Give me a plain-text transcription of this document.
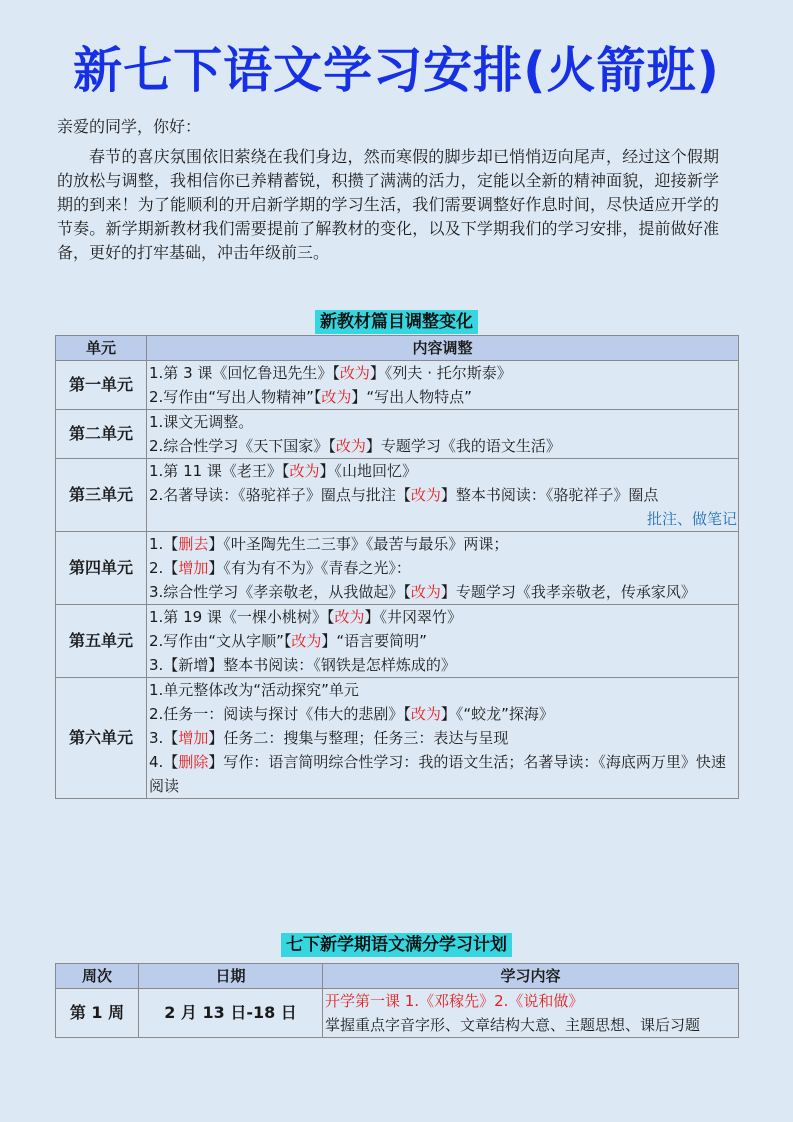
新七下语文学习安排(火箭班)
亲爱的同学，你好：
春节的喜庆氛围依旧萦绕在我们身边，然而寒假的脚步却已悄悄迈向尾声，经过这个假期的放松与调整，我相信你已养精蓄锐，积攒了满满的活力，定能以全新的精神面貌，迎接新学期的到来！为了能顺利的开启新学期的学习生活，我们需要调整好作息时间，尽快适应开学的节奏。新学期新教材我们需要提前了解教材的变化，以及下学期我们的学习安排，提前做好准备，更好的打牢基础，冲击年级前三。
新教材篇目调整变化
单元	内容调整
第一单元	1.第 3 课《回忆鲁迅先生》【改为】《列夫 · 托尔斯泰》
2.写作由“写出人物精神”【改为】“写出人物特点”

第二单元	1.课文无调整。
2.综合性学习《天下国家》【改为】专题学习《我的语文生活》

第三单元	1.第 11 课《老王》【改为】《山地回忆》
2.名著导读：《骆驼祥子》圈点与批注【改为】整本书阅读：《骆驼祥子》圈点
批注、做笔记

第四单元	1.【删去】《叶圣陶先生二三事》《最苦与最乐》两课；
2.【增加】《有为有不为》《青春之光》：
3.综合性学习《孝亲敬老，从我做起》【改为】专题学习《我孝亲敬老，传承家风》

第五单元	1.第 19 课《一棵小桃树》【改为】《井冈翠竹》
2.写作由“文从字顺”【改为】“语言要简明”
3.【新增】整本书阅读：《钢铁是怎样炼成的》

第六单元	1.单元整体改为“活动探究”单元
2.任务一：阅读与探讨《伟大的悲剧》【改为】《“蛟龙”探海》
3.【增加】任务二：搜集与整理；任务三：表达与呈现
4.【删除】写作：语言简明综合性学习：我的语文生活；名著导读：《海底两万里》快速阅读
七下新学期语文满分学习计划
周次	日期	学习内容
第 1 周	2 月 13 日-18 日	开学第一课 1.《邓稼先》2.《说和做》
掌握重点字音字形、文章结构大意、主题思想、课后习题
